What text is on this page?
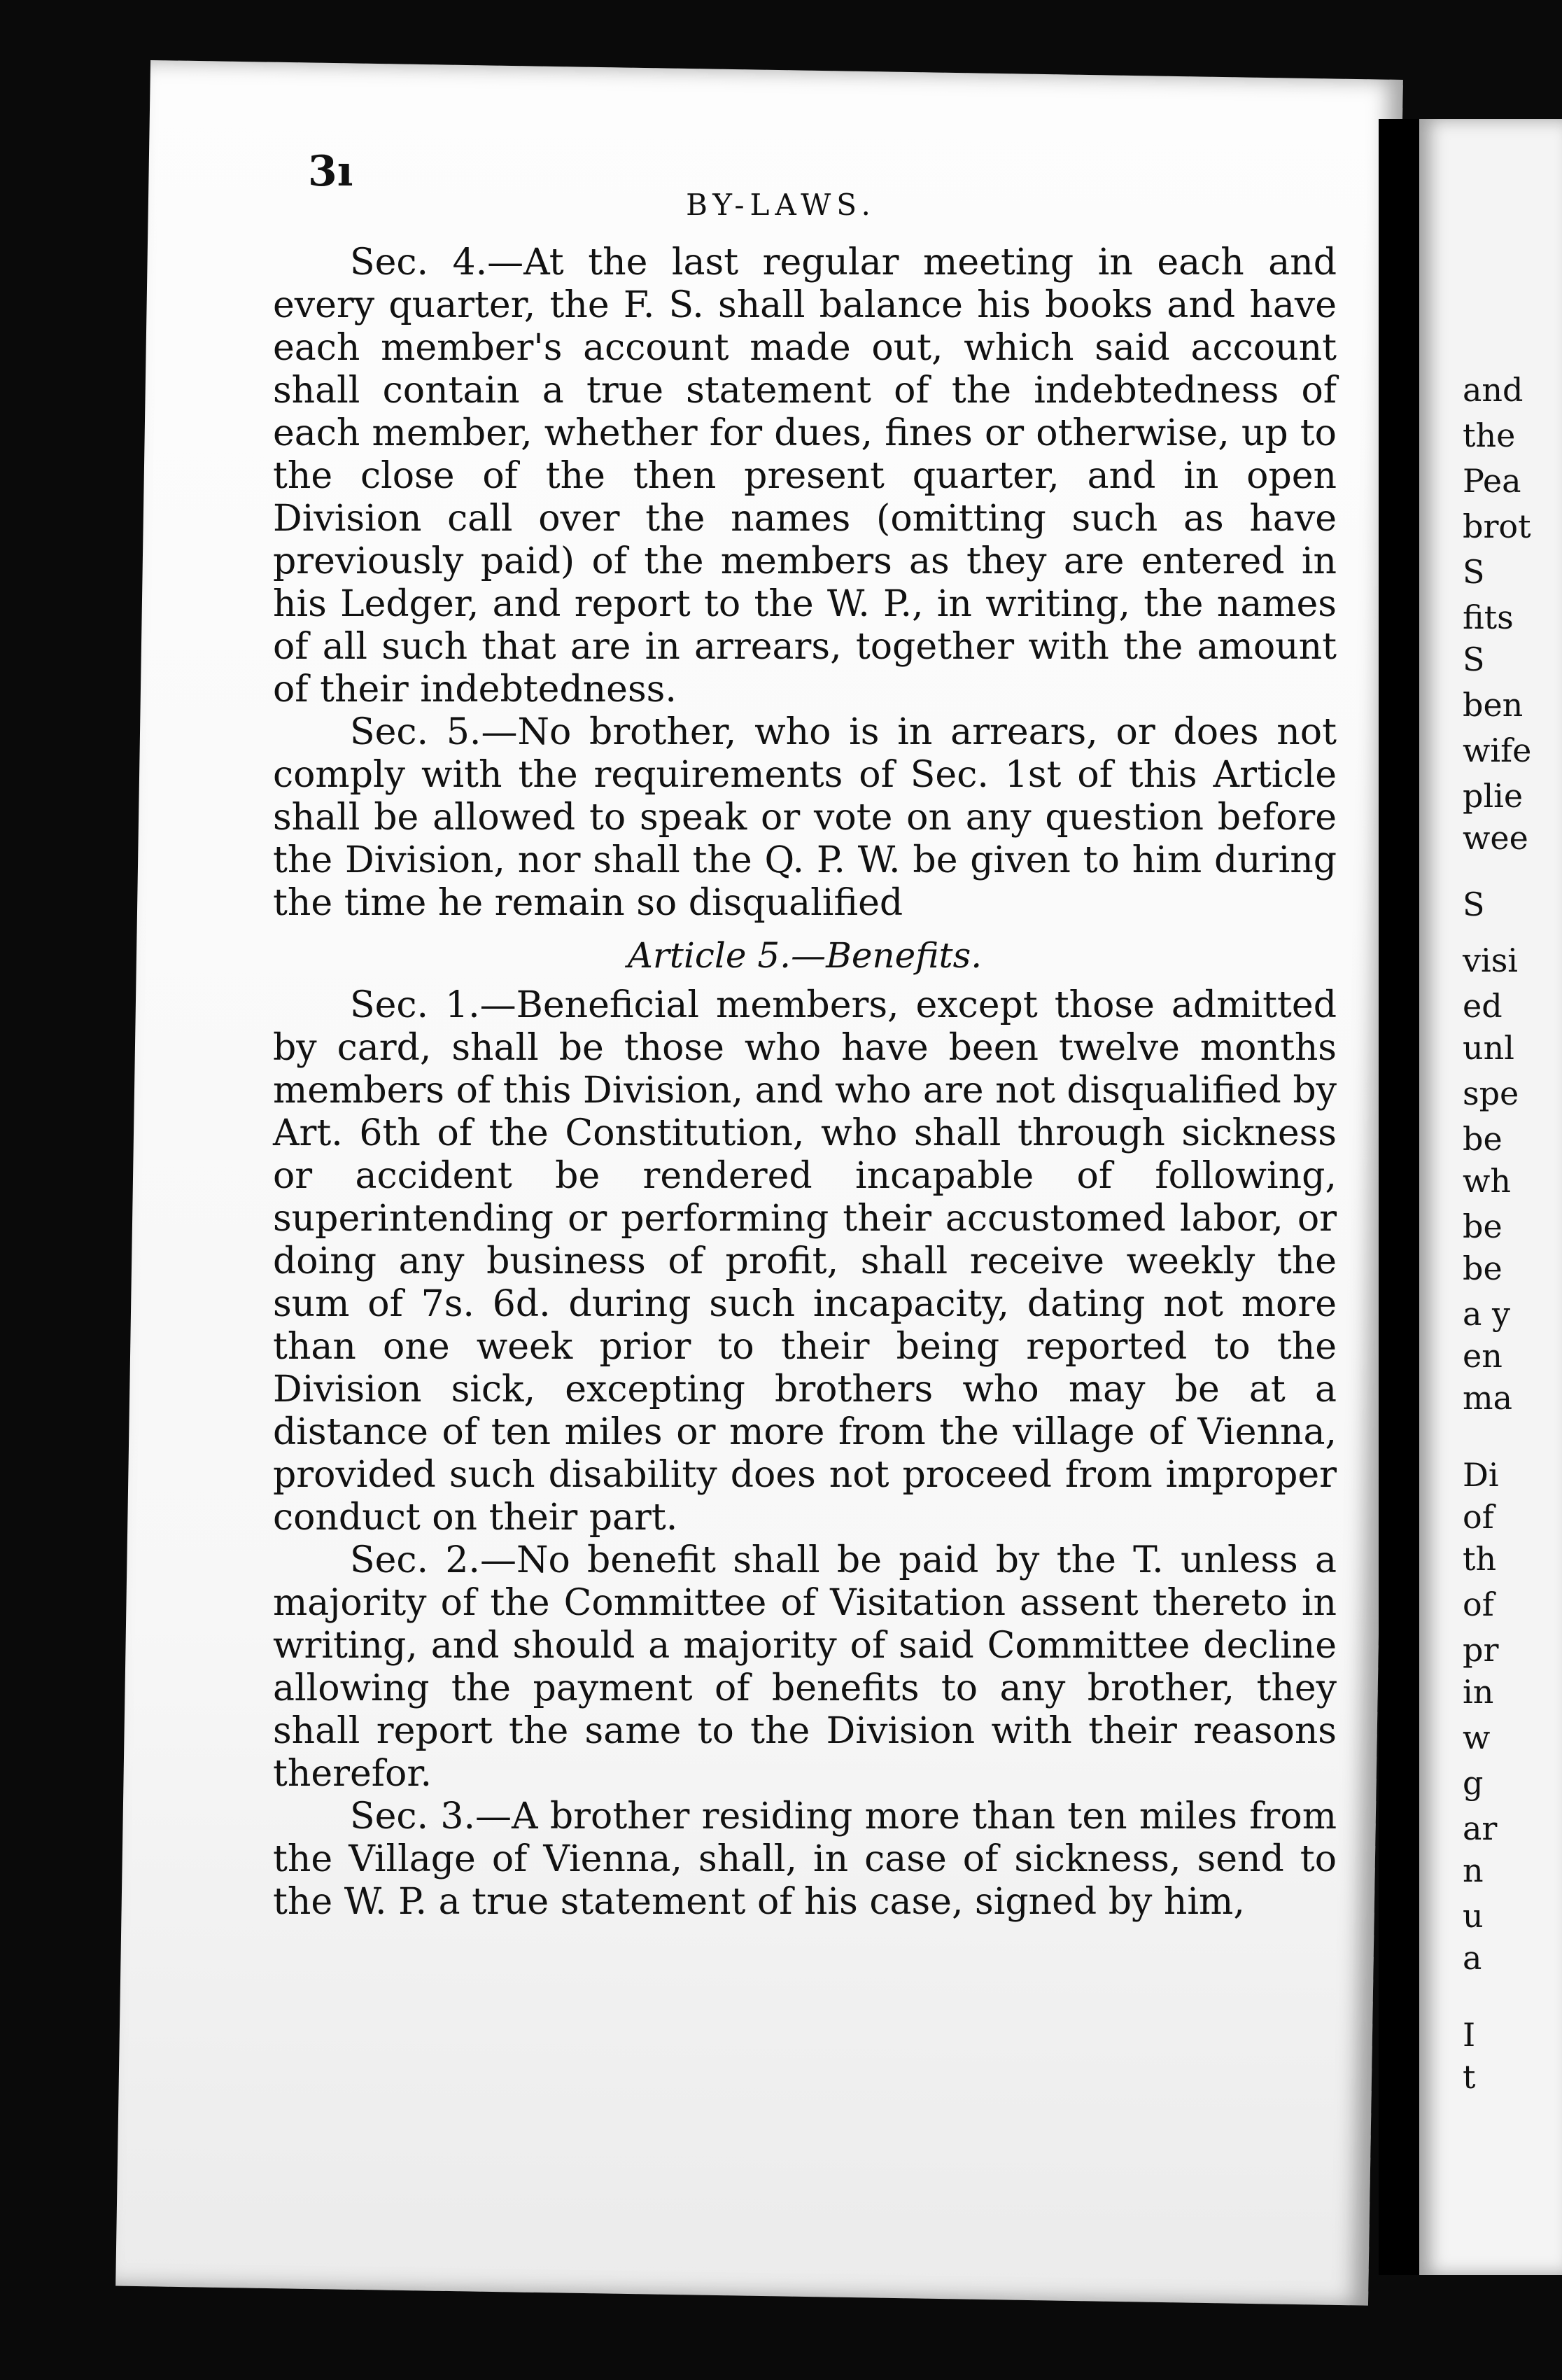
3ı
BY-LAWS.

Sec. 4.—At the last regular meeting in each and every quarter, the F. S. shall balance his books and have each member's account made out, which said account shall contain a true statement of the indebtedness of each member, whether for dues, fines or otherwise, up to the close of the then present quarter, and in open Division call over the names (omitting such as have previously paid) of the members as they are entered in his Ledger, and report to the W. P., in writing, the names of all such that are in arrears, together with the amount of their indebtedness.

Sec. 5.—No brother, who is in arrears, or does not comply with the requirements of Sec. 1st of this Article shall be allowed to speak or vote on any question before the Division, nor shall the Q. P. W. be given to him during the time he remain so disqualified

Article 5.—Benefits.

Sec. 1.—Beneficial members, except those admitted by card, shall be those who have been twelve months members of this Division, and who are not disqualified by Art. 6th of the Constitution, who shall through sickness or accident be rendered incapable of following, superintending or performing their accustomed labor, or doing any business of profit, shall receive weekly the sum of 7s. 6d. during such incapacity, dating not more than one week prior to their being reported to the Division sick, excepting brothers who may be at a distance of ten miles or more from the village of Vienna, provided such disability does not proceed from improper conduct on their part.

Sec. 2.—No benefit shall be paid by the T. unless a majority of the Committee of Visitation assent thereto in writing, and should a majority of said Committee decline allowing the payment of benefits to any brother, they shall report the same to the Division with their reasons therefor.

Sec. 3.—A brother residing more than ten miles from the Village of Vienna, shall, in case of sickness, send to the W. P. a true statement of his case, signed by him,

and
the
Pea
brot
S
fits
S
ben
wife
plie
wee
S
visi
ed
unl
spe
be
wh
be
be
a y
en
ma
Di
of
th
of
pr
in
w
g
ar
n
u
a
I
t
